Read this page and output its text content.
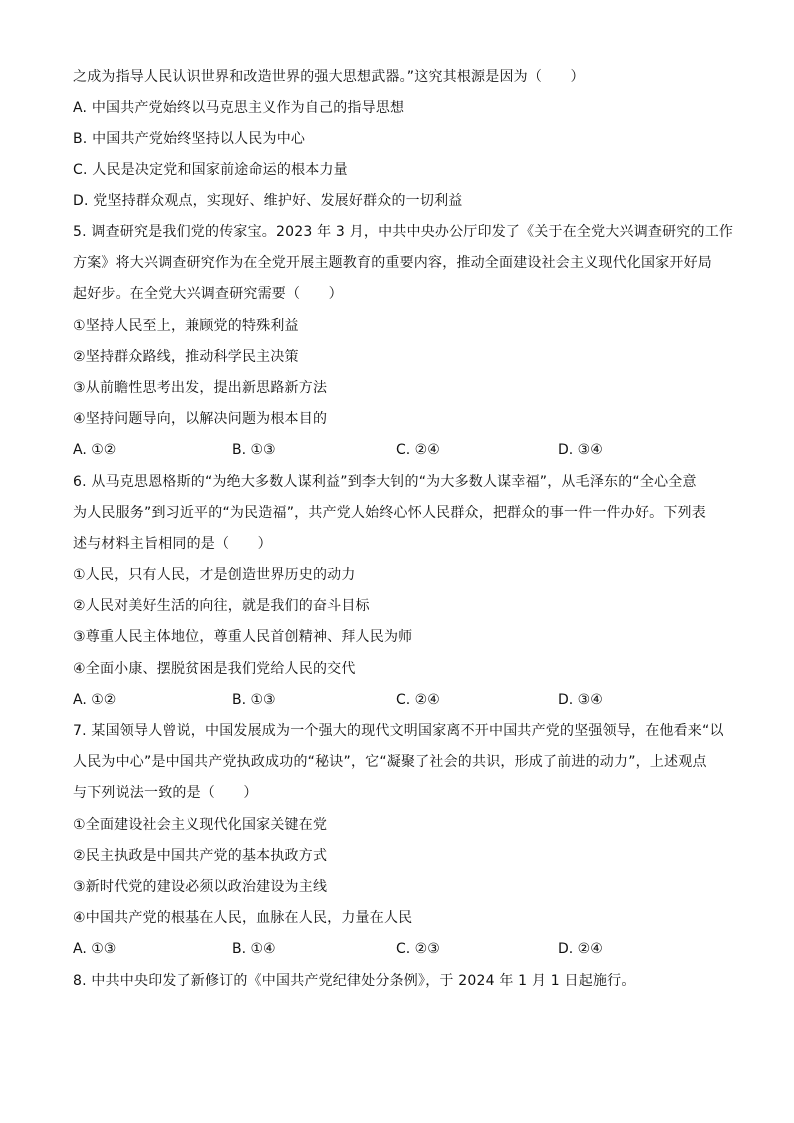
之成为指导人民认识世界和改造世界的强大思想武器。”这究其根源是因为（　　）
A. 中国共产党始终以马克思主义作为自己的指导思想
B. 中国共产党始终坚持以人民为中心
C. 人民是决定党和国家前途命运的根本力量
D. 党坚持群众观点，实现好、维护好、发展好群众的一切利益
5. 调查研究是我们党的传家宝。2023 年 3 月，中共中央办公厅印发了《关于在全党大兴调查研究的工作
方案》将大兴调查研究作为在全党开展主题教育的重要内容，推动全面建设社会主义现代化国家开好局
起好步。在全党大兴调查研究需要（　　）
①坚持人民至上，兼顾党的特殊利益
②坚持群众路线，推动科学民主决策
③从前瞻性思考出发，提出新思路新方法
④坚持问题导向，以解决问题为根本目的
A. ①②	B. ①③	C. ②④	D. ③④
6. 从马克思恩格斯的“为绝大多数人谋利益”到李大钊的“为大多数人谋幸福”，从毛泽东的“全心全意
为人民服务”到习近平的“为民造福”，共产党人始终心怀人民群众，把群众的事一件一件办好。下列表
述与材料主旨相同的是（　　）
①人民，只有人民，才是创造世界历史的动力
②人民对美好生活的向往，就是我们的奋斗目标
③尊重人民主体地位，尊重人民首创精神、拜人民为师
④全面小康、摆脱贫困是我们党给人民的交代
A. ①②	B. ①③	C. ②④	D. ③④
7. 某国领导人曾说，中国发展成为一个强大的现代文明国家离不开中国共产党的坚强领导，在他看来“以
人民为中心”是中国共产党执政成功的“秘诀”，它“凝聚了社会的共识，形成了前进的动力”，上述观点
与下列说法一致的是（　　）
①全面建设社会主义现代化国家关键在党
②民主执政是中国共产党的基本执政方式
③新时代党的建设必须以政治建设为主线
④中国共产党的根基在人民，血脉在人民，力量在人民
A. ①③	B. ①④	C. ②③	D. ②④
8. 中共中央印发了新修订的《中国共产党纪律处分条例》，于 2024 年 1 月 1 日起施行。
